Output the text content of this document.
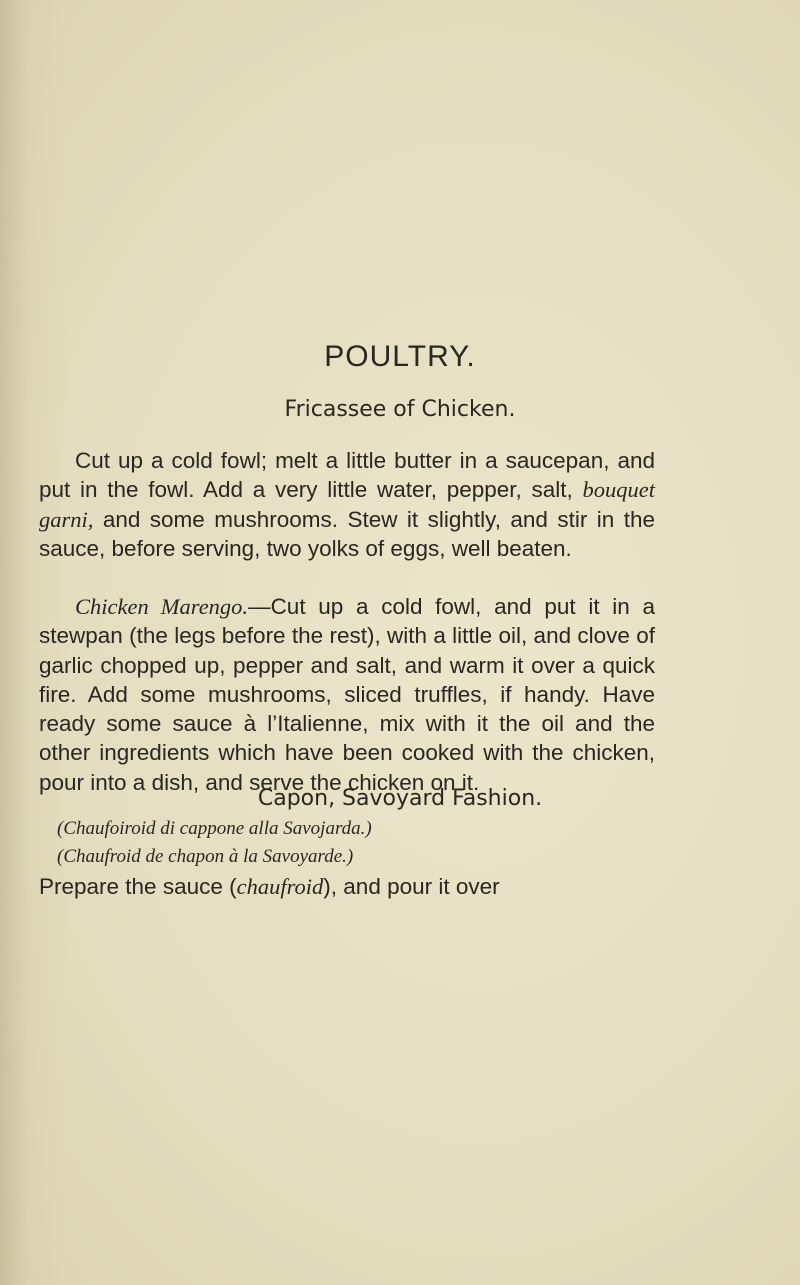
POULTRY.
Fricassee of Chicken.

Cut up a cold fowl; melt a little butter in a saucepan, and put in the fowl. Add a very little water, pepper, salt, bouquet garni, and some mushrooms. Stew it slightly, and stir in the sauce, before serving, two yolks of eggs, well beaten.

Chicken Marengo.—Cut up a cold fowl, and put it in a stewpan (the legs before the rest), with a little oil, and clove of garlic chopped up, pepper and salt, and warm it over a quick fire. Add some mushrooms, sliced truffles, if handy. Have ready some sauce à l’Italienne, mix with it the oil and the other ingredients which have been cooked with the chicken, pour into a dish, and serve the chicken on it.

Capon, Savoyard Fashion.

(Chaufoiroid di cappone alla Savojarda.)

(Chaufroid de chapon à la Savoyarde.)

Prepare the sauce (chaufroid), and pour it over
